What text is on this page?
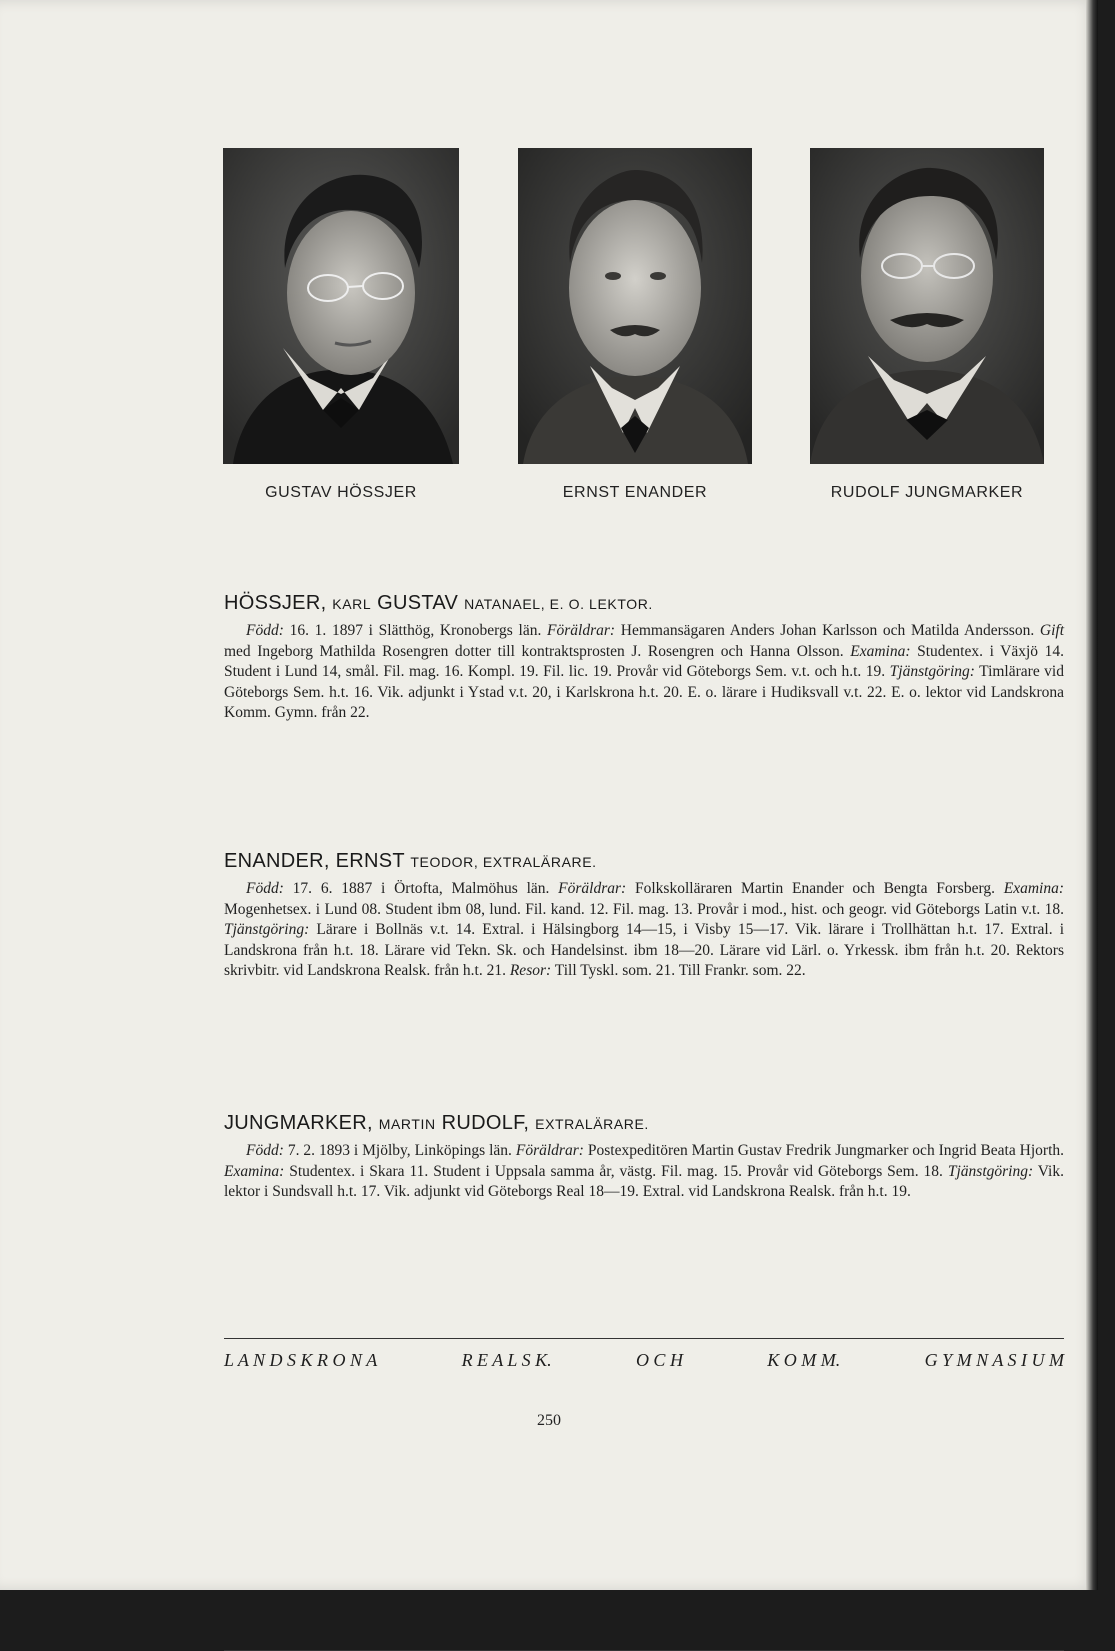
GUSTAV HÖSSJER	ERNST ENANDER	RUDOLF JUNGMARKER
HÖSSJER, KARL GUSTAV NATANAEL, E. O. LEKTOR.

Född: 16. 1. 1897 i Slätthög, Kronobergs län. Föräldrar: Hemmansägaren Anders Johan Karlsson och Matilda Andersson. Gift med Ingeborg Mathilda Rosengren dotter till kontraktsprosten J. Rosengren och Hanna Olsson. Examina: Studentex. i Växjö 14. Student i Lund 14, smål. Fil. mag. 16. Kompl. 19. Fil. lic. 19. Provår vid Göteborgs Sem. v.t. och h.t. 19. Tjänstgöring: Timlärare vid Göteborgs Sem. h.t. 16. Vik. adjunkt i Ystad v.t. 20, i Karlskrona h.t. 20. E. o. lärare i Hudiksvall v.t. 22. E. o. lektor vid Landskrona Komm. Gymn. från 22.

ENANDER, ERNST TEODOR, EXTRALÄRARE.

Född: 17. 6. 1887 i Örtofta, Malmöhus län. Föräldrar: Folkskolläraren Martin Enander och Bengta Forsberg. Examina: Mogenhetsex. i Lund 08. Student ibm 08, lund. Fil. kand. 12. Fil. mag. 13. Provår i mod., hist. och geogr. vid Göteborgs Latin v.t. 18. Tjänstgöring: Lärare i Bollnäs v.t. 14. Extral. i Hälsingborg 14—15, i Visby 15—17. Vik. lärare i Trollhättan h.t. 17. Extral. i Landskrona från h.t. 18. Lärare vid Tekn. Sk. och Handelsinst. ibm 18—20. Lärare vid Lärl. o. Yrkessk. ibm från h.t. 20. Rektors skrivbitr. vid Landskrona Realsk. från h.t. 21. Resor: Till Tyskl. som. 21. Till Frankr. som. 22.

JUNGMARKER, MARTIN RUDOLF, EXTRALÄRARE.

Född: 7. 2. 1893 i Mjölby, Linköpings län. Föräldrar: Postexpeditören Martin Gustav Fredrik Jungmarker och Ingrid Beata Hjorth. Examina: Studentex. i Skara 11. Student i Uppsala samma år, västg. Fil. mag. 15. Provår vid Göteborgs Sem. 18. Tjänstgöring: Vik. lektor i Sundsvall h.t. 17. Vik. adjunkt vid Göteborgs Real 18—19. Extral. vid Landskrona Realsk. från h.t. 19.

L A N D S K R O N A	R E A L S K.	O C H	K O M M.	G Y M N A S I U M
250
